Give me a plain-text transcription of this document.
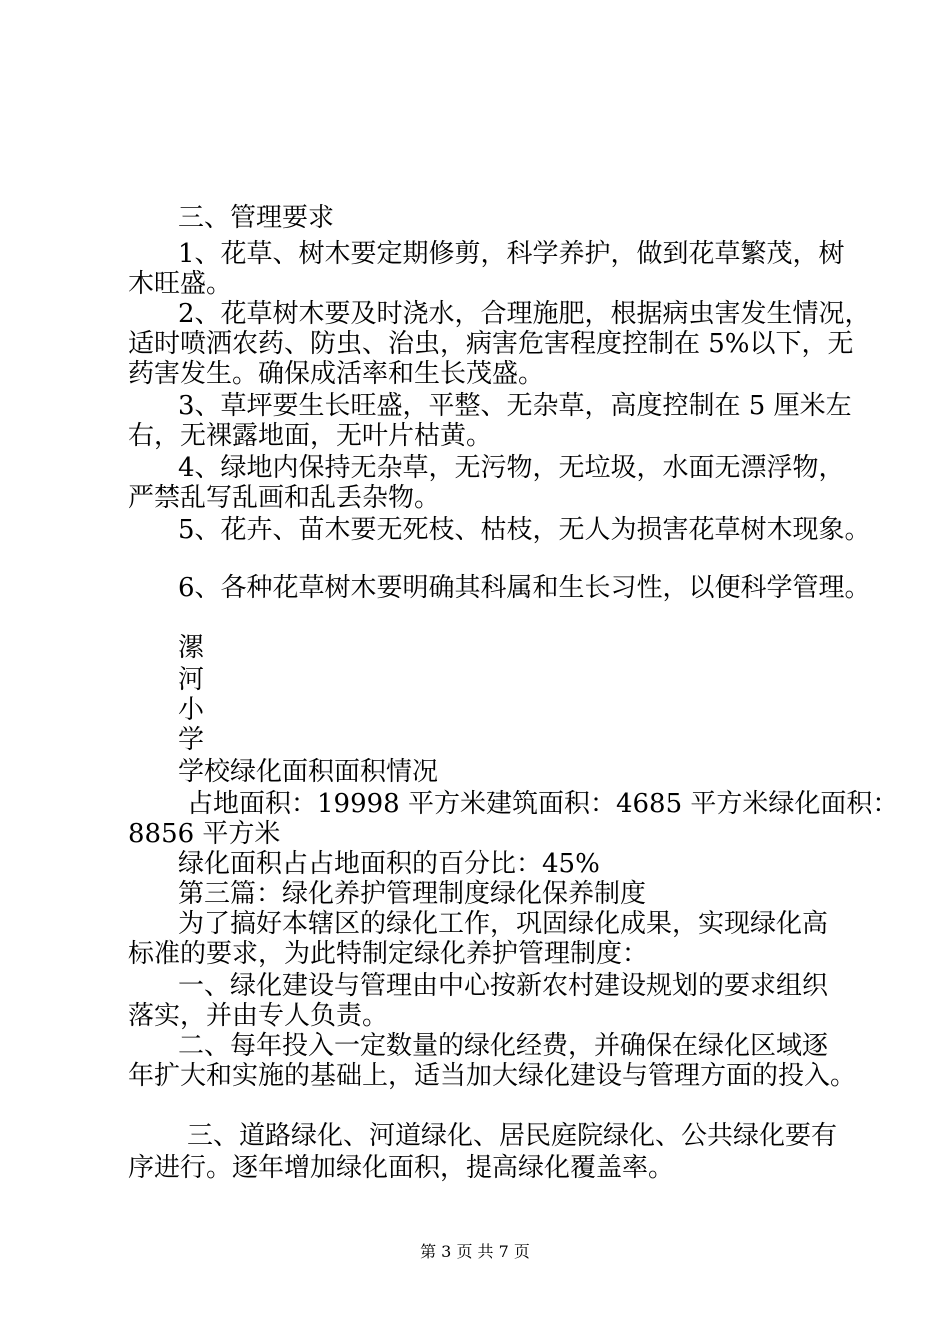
三、管理要求
1、花草、树木要定期修剪，科学养护，做到花草繁茂，树
木旺盛。
2、花草树木要及时浇水，合理施肥，根据病虫害发生情况，
适时喷洒农药、防虫、治虫，病害危害程度控制在 5%以下，无
药害发生。确保成活率和生长茂盛。
3、草坪要生长旺盛，平整、无杂草，高度控制在 5 厘米左
右，无裸露地面，无叶片枯黄。
4、绿地内保持无杂草，无污物，无垃圾，水面无漂浮物，
严禁乱写乱画和乱丢杂物。
5、花卉、苗木要无死枝、枯枝，无人为损害花草树木现象。
6、各种花草树木要明确其科属和生长习性，以便科学管理。
漯
河
小
学
学校绿化面积面积情况
占地面积：19998 平方米建筑面积：4685 平方米绿化面积：
8856 平方米
绿化面积占占地面积的百分比：45%
第三篇：绿化养护管理制度绿化保养制度
为了搞好本辖区的绿化工作，巩固绿化成果，实现绿化高
标准的要求，为此特制定绿化养护管理制度：
一、绿化建设与管理由中心按新农村建设规划的要求组织
落实，并由专人负责。
二、每年投入一定数量的绿化经费，并确保在绿化区域逐
年扩大和实施的基础上，适当加大绿化建设与管理方面的投入。
三、道路绿化、河道绿化、居民庭院绿化、公共绿化要有
序进行。逐年增加绿化面积，提高绿化覆盖率。
第 3 页 共 7 页
